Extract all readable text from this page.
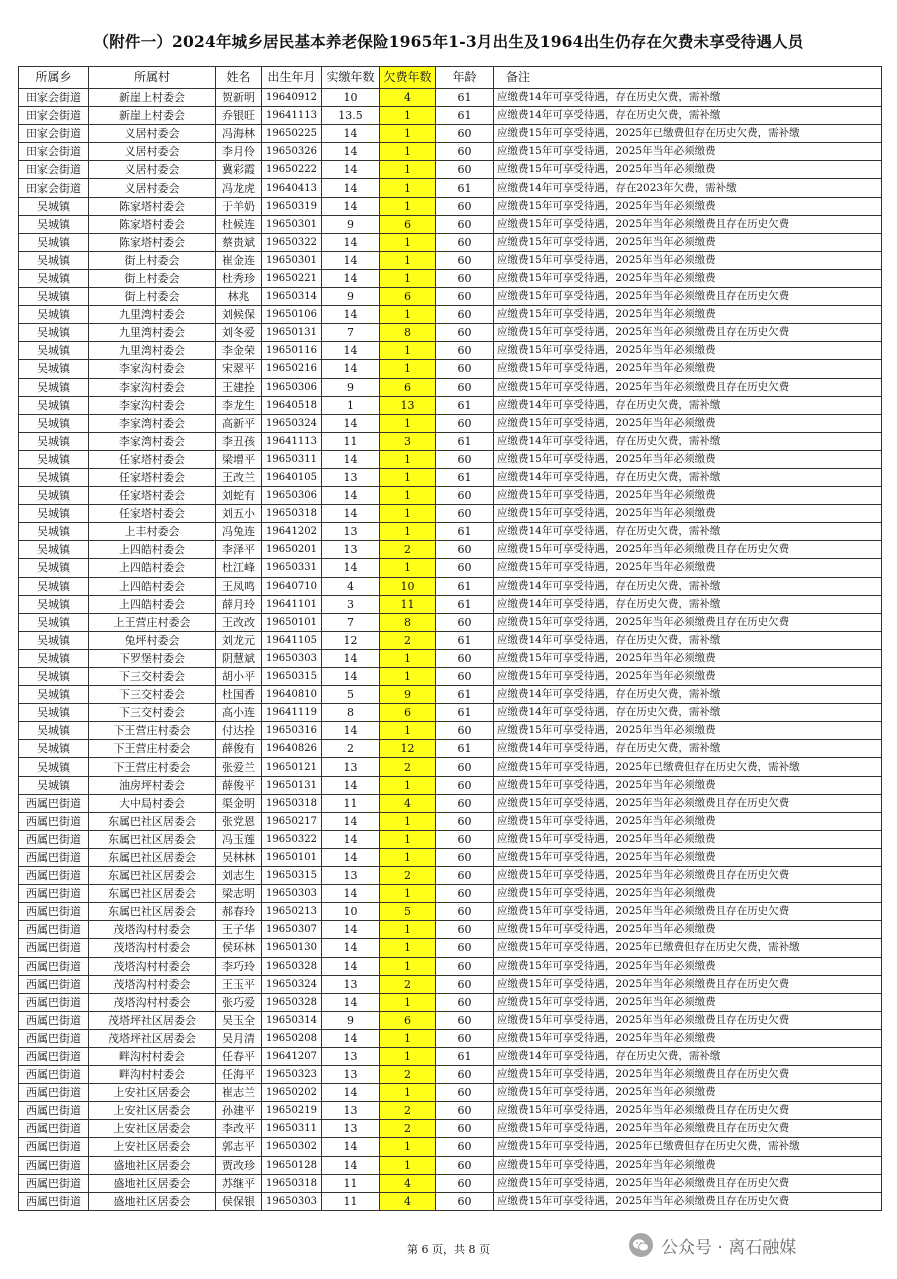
（附件一）2024年城乡居民基本养老保险1965年1-3月出生及1964出生仍存在欠费未享受待遇人员
所属乡	所属村	姓名	出生年月	实缴年数	欠费年数	年龄	备注
田家会街道	新崖上村委会	贺新明	19640912	10	4	61	应缴费14年可享受待遇，存在历史欠费，需补缴
田家会街道	新崖上村委会	乔银旺	19641113	13.5	1	61	应缴费14年可享受待遇，存在历史欠费，需补缴
田家会街道	义居村委会	冯海林	19650225	14	1	60	应缴费15年可享受待遇，2025年已缴费但存在历史欠费，需补缴
田家会街道	义居村委会	李月伶	19650326	14	1	60	应缴费15年可享受待遇，2025年当年必须缴费
田家会街道	义居村委会	冀彩霞	19650222	14	1	60	应缴费15年可享受待遇，2025年当年必须缴费
田家会街道	义居村委会	冯龙虎	19640413	14	1	61	应缴费14年可享受待遇，存在2023年欠费，需补缴
吴城镇	陈家塔村委会	于羊奶	19650319	14	1	60	应缴费15年可享受待遇，2025年当年必须缴费
吴城镇	陈家塔村委会	杜候连	19650301	9	6	60	应缴费15年可享受待遇，2025年当年必须缴费且存在历史欠费
吴城镇	陈家塔村委会	蔡贵斌	19650322	14	1	60	应缴费15年可享受待遇，2025年当年必须缴费
吴城镇	街上村委会	崔金连	19650301	14	1	60	应缴费15年可享受待遇，2025年当年必须缴费
吴城镇	街上村委会	杜秀珍	19650221	14	1	60	应缴费15年可享受待遇，2025年当年必须缴费
吴城镇	街上村委会	林兆	19650314	9	6	60	应缴费15年可享受待遇，2025年当年必须缴费且存在历史欠费
吴城镇	九里湾村委会	刘候保	19650106	14	1	60	应缴费15年可享受待遇，2025年当年必须缴费
吴城镇	九里湾村委会	刘冬爱	19650131	7	8	60	应缴费15年可享受待遇，2025年当年必须缴费且存在历史欠费
吴城镇	九里湾村委会	李金荣	19650116	14	1	60	应缴费15年可享受待遇，2025年当年必须缴费
吴城镇	李家沟村委会	宋翠平	19650216	14	1	60	应缴费15年可享受待遇，2025年当年必须缴费
吴城镇	李家沟村委会	王建拴	19650306	9	6	60	应缴费15年可享受待遇，2025年当年必须缴费且存在历史欠费
吴城镇	李家沟村委会	李龙生	19640518	1	13	61	应缴费14年可享受待遇，存在历史欠费，需补缴
吴城镇	李家湾村委会	高新平	19650324	14	1	60	应缴费15年可享受待遇，2025年当年必须缴费
吴城镇	李家湾村委会	李丑孩	19641113	11	3	61	应缴费14年可享受待遇，存在历史欠费，需补缴
吴城镇	任家塔村委会	梁增平	19650311	14	1	60	应缴费15年可享受待遇，2025年当年必须缴费
吴城镇	任家塔村委会	王改兰	19640105	13	1	61	应缴费14年可享受待遇，存在历史欠费，需补缴
吴城镇	任家塔村委会	刘蛇有	19650306	14	1	60	应缴费15年可享受待遇，2025年当年必须缴费
吴城镇	任家塔村委会	刘五小	19650318	14	1	60	应缴费15年可享受待遇，2025年当年必须缴费
吴城镇	上丰村委会	冯兔连	19641202	13	1	61	应缴费14年可享受待遇，存在历史欠费，需补缴
吴城镇	上四皓村委会	李泽平	19650201	13	2	60	应缴费15年可享受待遇，2025年当年必须缴费且存在历史欠费
吴城镇	上四皓村委会	杜江峰	19650331	14	1	60	应缴费15年可享受待遇，2025年当年必须缴费
吴城镇	上四皓村委会	王凤鸣	19640710	4	10	61	应缴费14年可享受待遇，存在历史欠费，需补缴
吴城镇	上四皓村委会	薛月玲	19641101	3	11	61	应缴费14年可享受待遇，存在历史欠费，需补缴
吴城镇	上王营庄村委会	王改改	19650101	7	8	60	应缴费15年可享受待遇，2025年当年必须缴费且存在历史欠费
吴城镇	兔坪村委会	刘龙元	19641105	12	2	61	应缴费14年可享受待遇，存在历史欠费，需补缴
吴城镇	下罗堡村委会	阴慧斌	19650303	14	1	60	应缴费15年可享受待遇，2025年当年必须缴费
吴城镇	下三交村委会	胡小平	19650315	14	1	60	应缴费15年可享受待遇，2025年当年必须缴费
吴城镇	下三交村委会	杜国香	19640810	5	9	61	应缴费14年可享受待遇，存在历史欠费，需补缴
吴城镇	下三交村委会	高小连	19641119	8	6	61	应缴费14年可享受待遇，存在历史欠费，需补缴
吴城镇	下王营庄村委会	付达拴	19650316	14	1	60	应缴费15年可享受待遇，2025年当年必须缴费
吴城镇	下王营庄村委会	薛俊有	19640826	2	12	61	应缴费14年可享受待遇，存在历史欠费，需补缴
吴城镇	下王营庄村委会	张爱兰	19650121	13	2	60	应缴费15年可享受待遇，2025年已缴费但存在历史欠费，需补缴
吴城镇	油房坪村委会	薛俊平	19650131	14	1	60	应缴费15年可享受待遇，2025年当年必须缴费
西属巴街道	大中局村委会	渠金明	19650318	11	4	60	应缴费15年可享受待遇，2025年当年必须缴费且存在历史欠费
西属巴街道	东属巴社区居委会	张党恩	19650217	14	1	60	应缴费15年可享受待遇，2025年当年必须缴费
西属巴街道	东属巴社区居委会	冯玉莲	19650322	14	1	60	应缴费15年可享受待遇，2025年当年必须缴费
西属巴街道	东属巴社区居委会	吴林林	19650101	14	1	60	应缴费15年可享受待遇，2025年当年必须缴费
西属巴街道	东属巴社区居委会	刘志生	19650315	13	2	60	应缴费15年可享受待遇，2025年当年必须缴费且存在历史欠费
西属巴街道	东属巴社区居委会	梁志明	19650303	14	1	60	应缴费15年可享受待遇，2025年当年必须缴费
西属巴街道	东属巴社区居委会	郝春玲	19650213	10	5	60	应缴费15年可享受待遇，2025年当年必须缴费且存在历史欠费
西属巴街道	茂塔沟村村委会	王子华	19650307	14	1	60	应缴费15年可享受待遇，2025年当年必须缴费
西属巴街道	茂塔沟村村委会	侯环林	19650130	14	1	60	应缴费15年可享受待遇，2025年已缴费但存在历史欠费，需补缴
西属巴街道	茂塔沟村村委会	李巧玲	19650328	14	1	60	应缴费15年可享受待遇，2025年当年必须缴费
西属巴街道	茂塔沟村村委会	王玉平	19650324	13	2	60	应缴费15年可享受待遇，2025年当年必须缴费且存在历史欠费
西属巴街道	茂塔沟村村委会	张巧爱	19650328	14	1	60	应缴费15年可享受待遇，2025年当年必须缴费
西属巴街道	茂塔坪社区居委会	吴玉全	19650314	9	6	60	应缴费15年可享受待遇，2025年当年必须缴费且存在历史欠费
西属巴街道	茂塔坪社区居委会	吴月清	19650208	14	1	60	应缴费15年可享受待遇，2025年当年必须缴费
西属巴街道	畔沟村村委会	任春平	19641207	13	1	61	应缴费14年可享受待遇，存在历史欠费，需补缴
西属巴街道	畔沟村村委会	任海平	19650323	13	2	60	应缴费15年可享受待遇，2025年当年必须缴费且存在历史欠费
西属巴街道	上安社区居委会	崔志兰	19650202	14	1	60	应缴费15年可享受待遇，2025年当年必须缴费
西属巴街道	上安社区居委会	孙建平	19650219	13	2	60	应缴费15年可享受待遇，2025年当年必须缴费且存在历史欠费
西属巴街道	上安社区居委会	李改平	19650311	13	2	60	应缴费15年可享受待遇，2025年当年必须缴费且存在历史欠费
西属巴街道	上安社区居委会	郭志平	19650302	14	1	60	应缴费15年可享受待遇，2025年已缴费但存在历史欠费，需补缴
西属巴街道	盛地社区居委会	贾改珍	19650128	14	1	60	应缴费15年可享受待遇，2025年当年必须缴费
西属巴街道	盛地社区居委会	苏继平	19650318	11	4	60	应缴费15年可享受待遇，2025年当年必须缴费且存在历史欠费
西属巴街道	盛地社区居委会	侯保银	19650303	11	4	60	应缴费15年可享受待遇，2025年当年必须缴费且存在历史欠费
第 6 页，共 8 页	公众号 · 离石融媒
